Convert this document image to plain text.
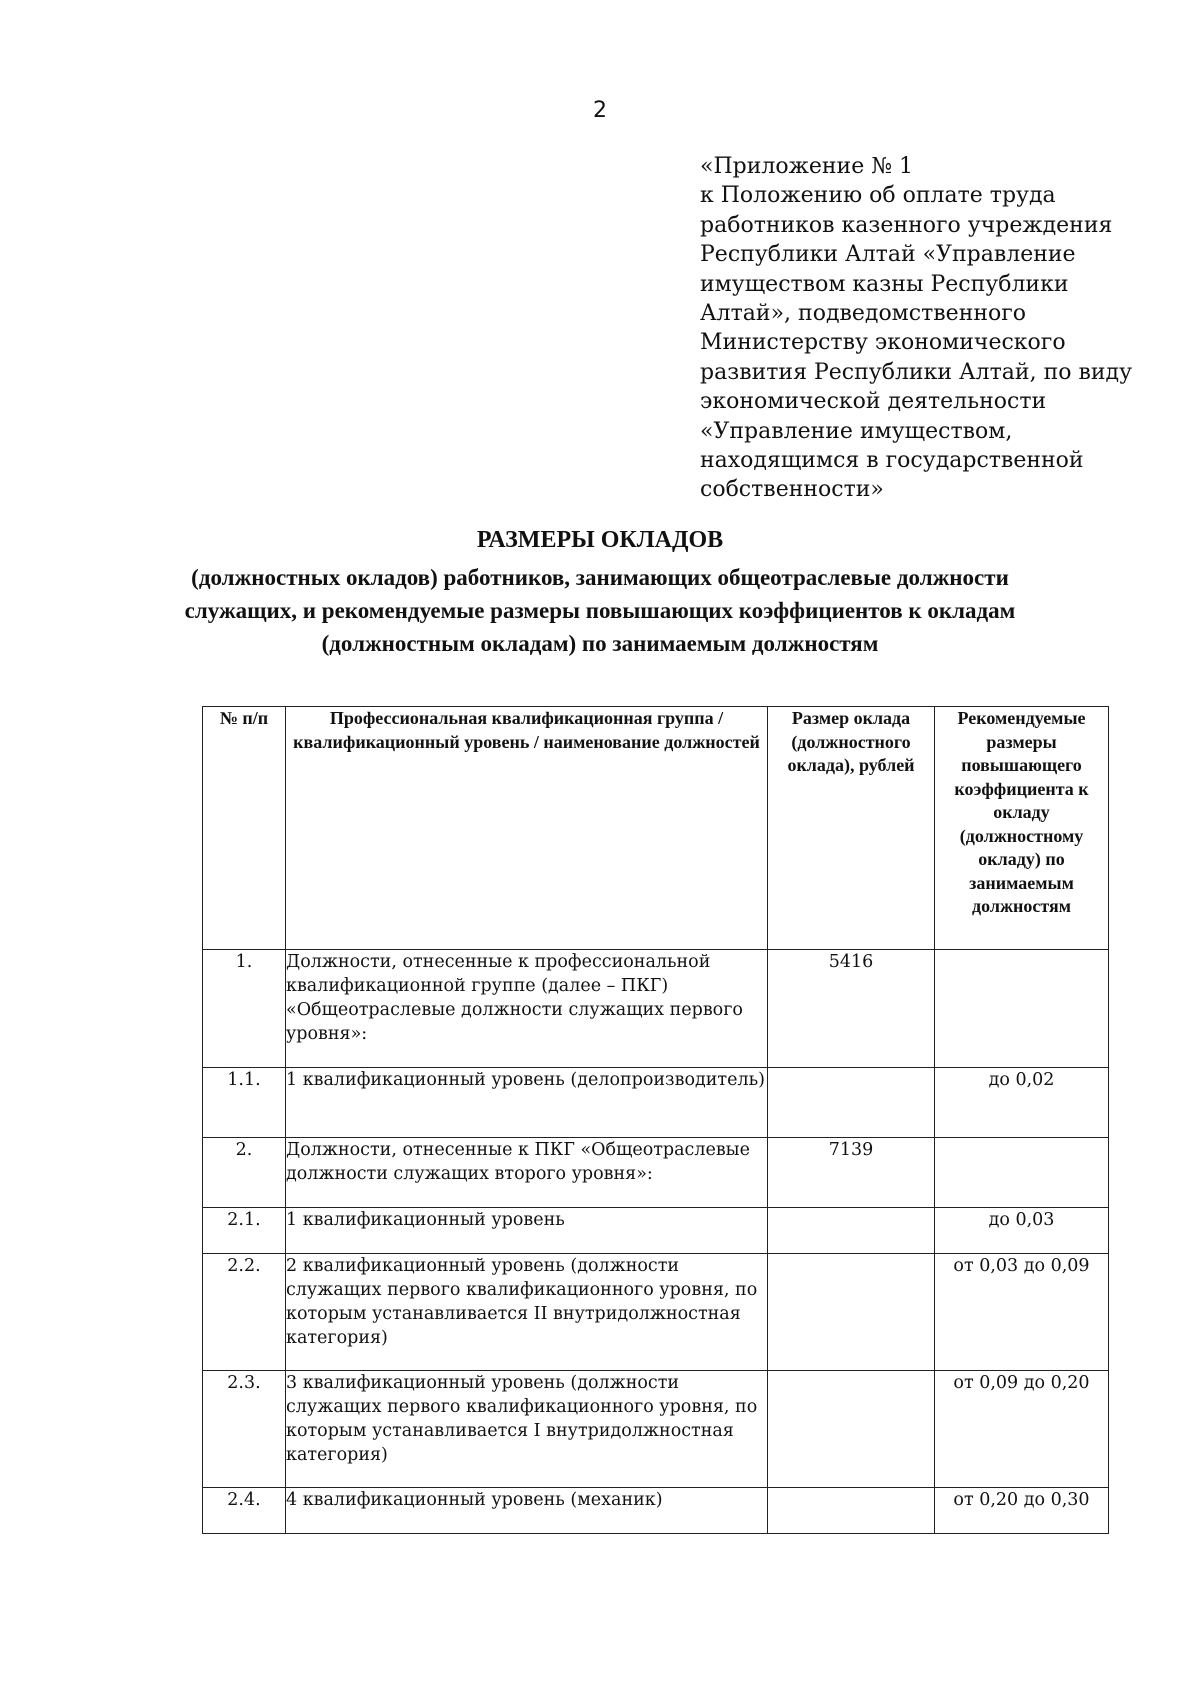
2
«Приложение № 1
к Положению об оплате труда
работников казенного учреждения
Республики Алтай «Управление
имуществом казны Республики
Алтай», подведомственного
Министерству экономического
развития Республики Алтай, по виду
экономической деятельности
«Управление имуществом,
находящимся в государственной
собственности»
РАЗМЕРЫ ОКЛАДОВ
(должностных окладов) работников, занимающих общеотраслевые должности
служащих, и рекомендуемые размеры повышающих коэффициентов к окладам
(должностным окладам) по занимаемым должностям
№ п/п	Профессиональная квалификационная группа / квалификационный уровень / наименование должностей	Размер оклада (должностного оклада), рублей	Рекомендуемые размеры повышающего коэффициента к окладу (должностному окладу) по занимаемым должностям
1.	Должности, отнесенные к профессиональной квалификационной группе (далее – ПКГ) «Общеотраслевые должности служащих первого уровня»:	5416	
1.1.	1 квалификационный уровень (делопроизводитель)		до 0,02
2.	Должности, отнесенные к ПКГ «Общеотраслевые должности служащих второго уровня»:	7139	
2.1.	1 квалификационный уровень		до 0,03
2.2.	2 квалификационный уровень (должности служащих первого квалификационного уровня, по которым устанавливается II внутридолжностная категория)		от 0,03 до 0,09
2.3.	3 квалификационный уровень (должности служащих первого квалификационного уровня, по которым устанавливается I внутридолжностная категория)		от 0,09 до 0,20
2.4.	4 квалификационный уровень (механик)		от 0,20 до 0,30
